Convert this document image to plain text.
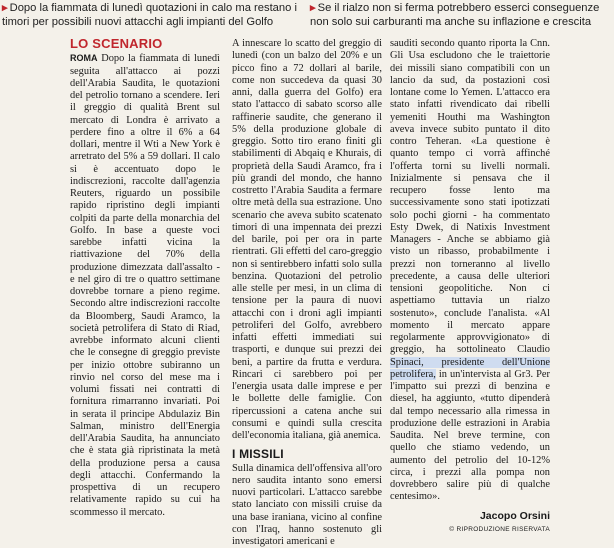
▸ Dopo la fiammata di lunedì quotazioni in calo ma restano i timori per possibili nuovi attacchi agli impianti del Golfo
▸ Se il rialzo non si ferma potrebbero esserci conseguenze non solo sui carburanti ma anche su inflazione e crescita
LO SCENARIO
ROMA Dopo la fiammata di lunedì seguita all'attacco ai pozzi dell'Arabia Saudita, le quotazioni del petrolio tornano a scendere. Ieri il greggio di qualità Brent sul mercato di Londra è arrivato a perdere fino a oltre il 6% a 64 dollari, mentre il Wti a New York è arretrato del 5% a 59 dollari. Il calo si è accentuato dopo le indiscrezioni, raccolte dall'agenzia Reuters, riguardo un possibile rapido ripristino degli impianti colpiti da parte della monarchia del Golfo. In base a queste voci sarebbe infatti vicina la riattivazione del 70% della produzione dimezzata dall'assalto - e nel giro di tre o quattro settimane dovrebbe tornare a pieno regime. Secondo altre indiscrezioni raccolte da Bloomberg, Saudi Aramco, la società petrolifera di Stato di Riad, avrebbe informato alcuni clienti che le consegne di greggio previste per inizio ottobre subiranno un rinvio nel corso del mese ma i volumi fissati nei contratti di fornitura rimarranno invariati. Poi in serata il principe Abdulaziz Bin Salman, ministro dell'Energia dell'Arabia Saudita, ha annunciato che è stata già ripristinata la metà della produzione persa a causa degli attacchi. Confermando la prospettiva di un recupero relativamente rapido su cui ha scommesso il mercato.
A innescare lo scatto del greggio di lunedì (con un balzo del 20% e un picco fino a 72 dollari al barile, come non succedeva da quasi 30 anni, dalla guerra del Golfo) era stato l'attacco di sabato scorso alle raffinerie saudite, che generano il 5% della produzione globale di greggio. Sotto tiro erano finiti gli stabilimenti di Abqaiq e Khurais, di proprietà della Saudi Aramco, fra i più grandi del mondo, che hanno costretto l'Arabia Saudita a fermare oltre metà della sua estrazione. Uno scenario che aveva subito scatenato timori di una impennata dei prezzi del barile, poi per ora in parte rientrati. Gli effetti del caro-greggio non si sentirebbero infatti solo sulla benzina. Quotazioni del petrolio alle stelle per mesi, in un clima di tensione per la paura di nuovi attacchi con i droni agli impianti petroliferi del Golfo, avrebbero infatti effetti immediati sui trasporti, e dunque sui prezzi dei beni, a partire da frutta e verdura. Rincari ci sarebbero poi per l'energia usata dalle imprese e per le bollette delle famiglie. Con ripercussioni a catena anche sui consumi e quindi sulla crescita dell'economia italiana, già anemica.
I MISSILI
Sulla dinamica dell'offensiva all'oro nero saudita intanto sono emersi nuovi particolari. L'attacco sarebbe stato lanciato con missili cruise da una base iraniana, vicino al confine con l'Iraq, hanno sostenuto gli investigatori americani e
sauditi secondo quanto riporta la Cnn. Gli Usa escludono che le traiettorie dei missili siano compatibili con un lancio da sud, da postazioni così lontane come lo Yemen. L'attacco era stato infatti rivendicato dai ribelli yemeniti Houthi ma Washington aveva invece subito puntato il dito contro Teheran. «La questione è quanto tempo ci vorrà affinché l'offerta torni su livelli normali. Inizialmente si pensava che il recupero fosse lento ma successivamente sono stati ipotizzati solo pochi giorni - ha commentato Esty Dwek, di Natixis Investment Managers - Anche se abbiamo già visto un ribasso, probabilmente i prezzi non torneranno al livello precedente, a causa delle ulteriori tensioni geopolitiche. Non ci aspettiamo tuttavia un rialzo sostenuto», conclude l'analista. «Al momento il mercato appare regolarmente approvvigionato» di greggio, ha sottolineato Claudio Spinaci, presidente dell'Unione petrolifera, in un'intervista al Gr3. Per l'impatto sui prezzi di benzina e diesel, ha aggiunto, «tutto dipenderà dal tempo necessario alla rimessa in produzione delle estrazioni in Arabia Saudita. Nel breve termine, con quello che stiamo vedendo, un aumento del petrolio del 10-12% circa, i prezzi alla pompa non dovrebbero salire più di qualche centesimo».
Jacopo Orsini
© RIPRODUZIONE RISERVATA
